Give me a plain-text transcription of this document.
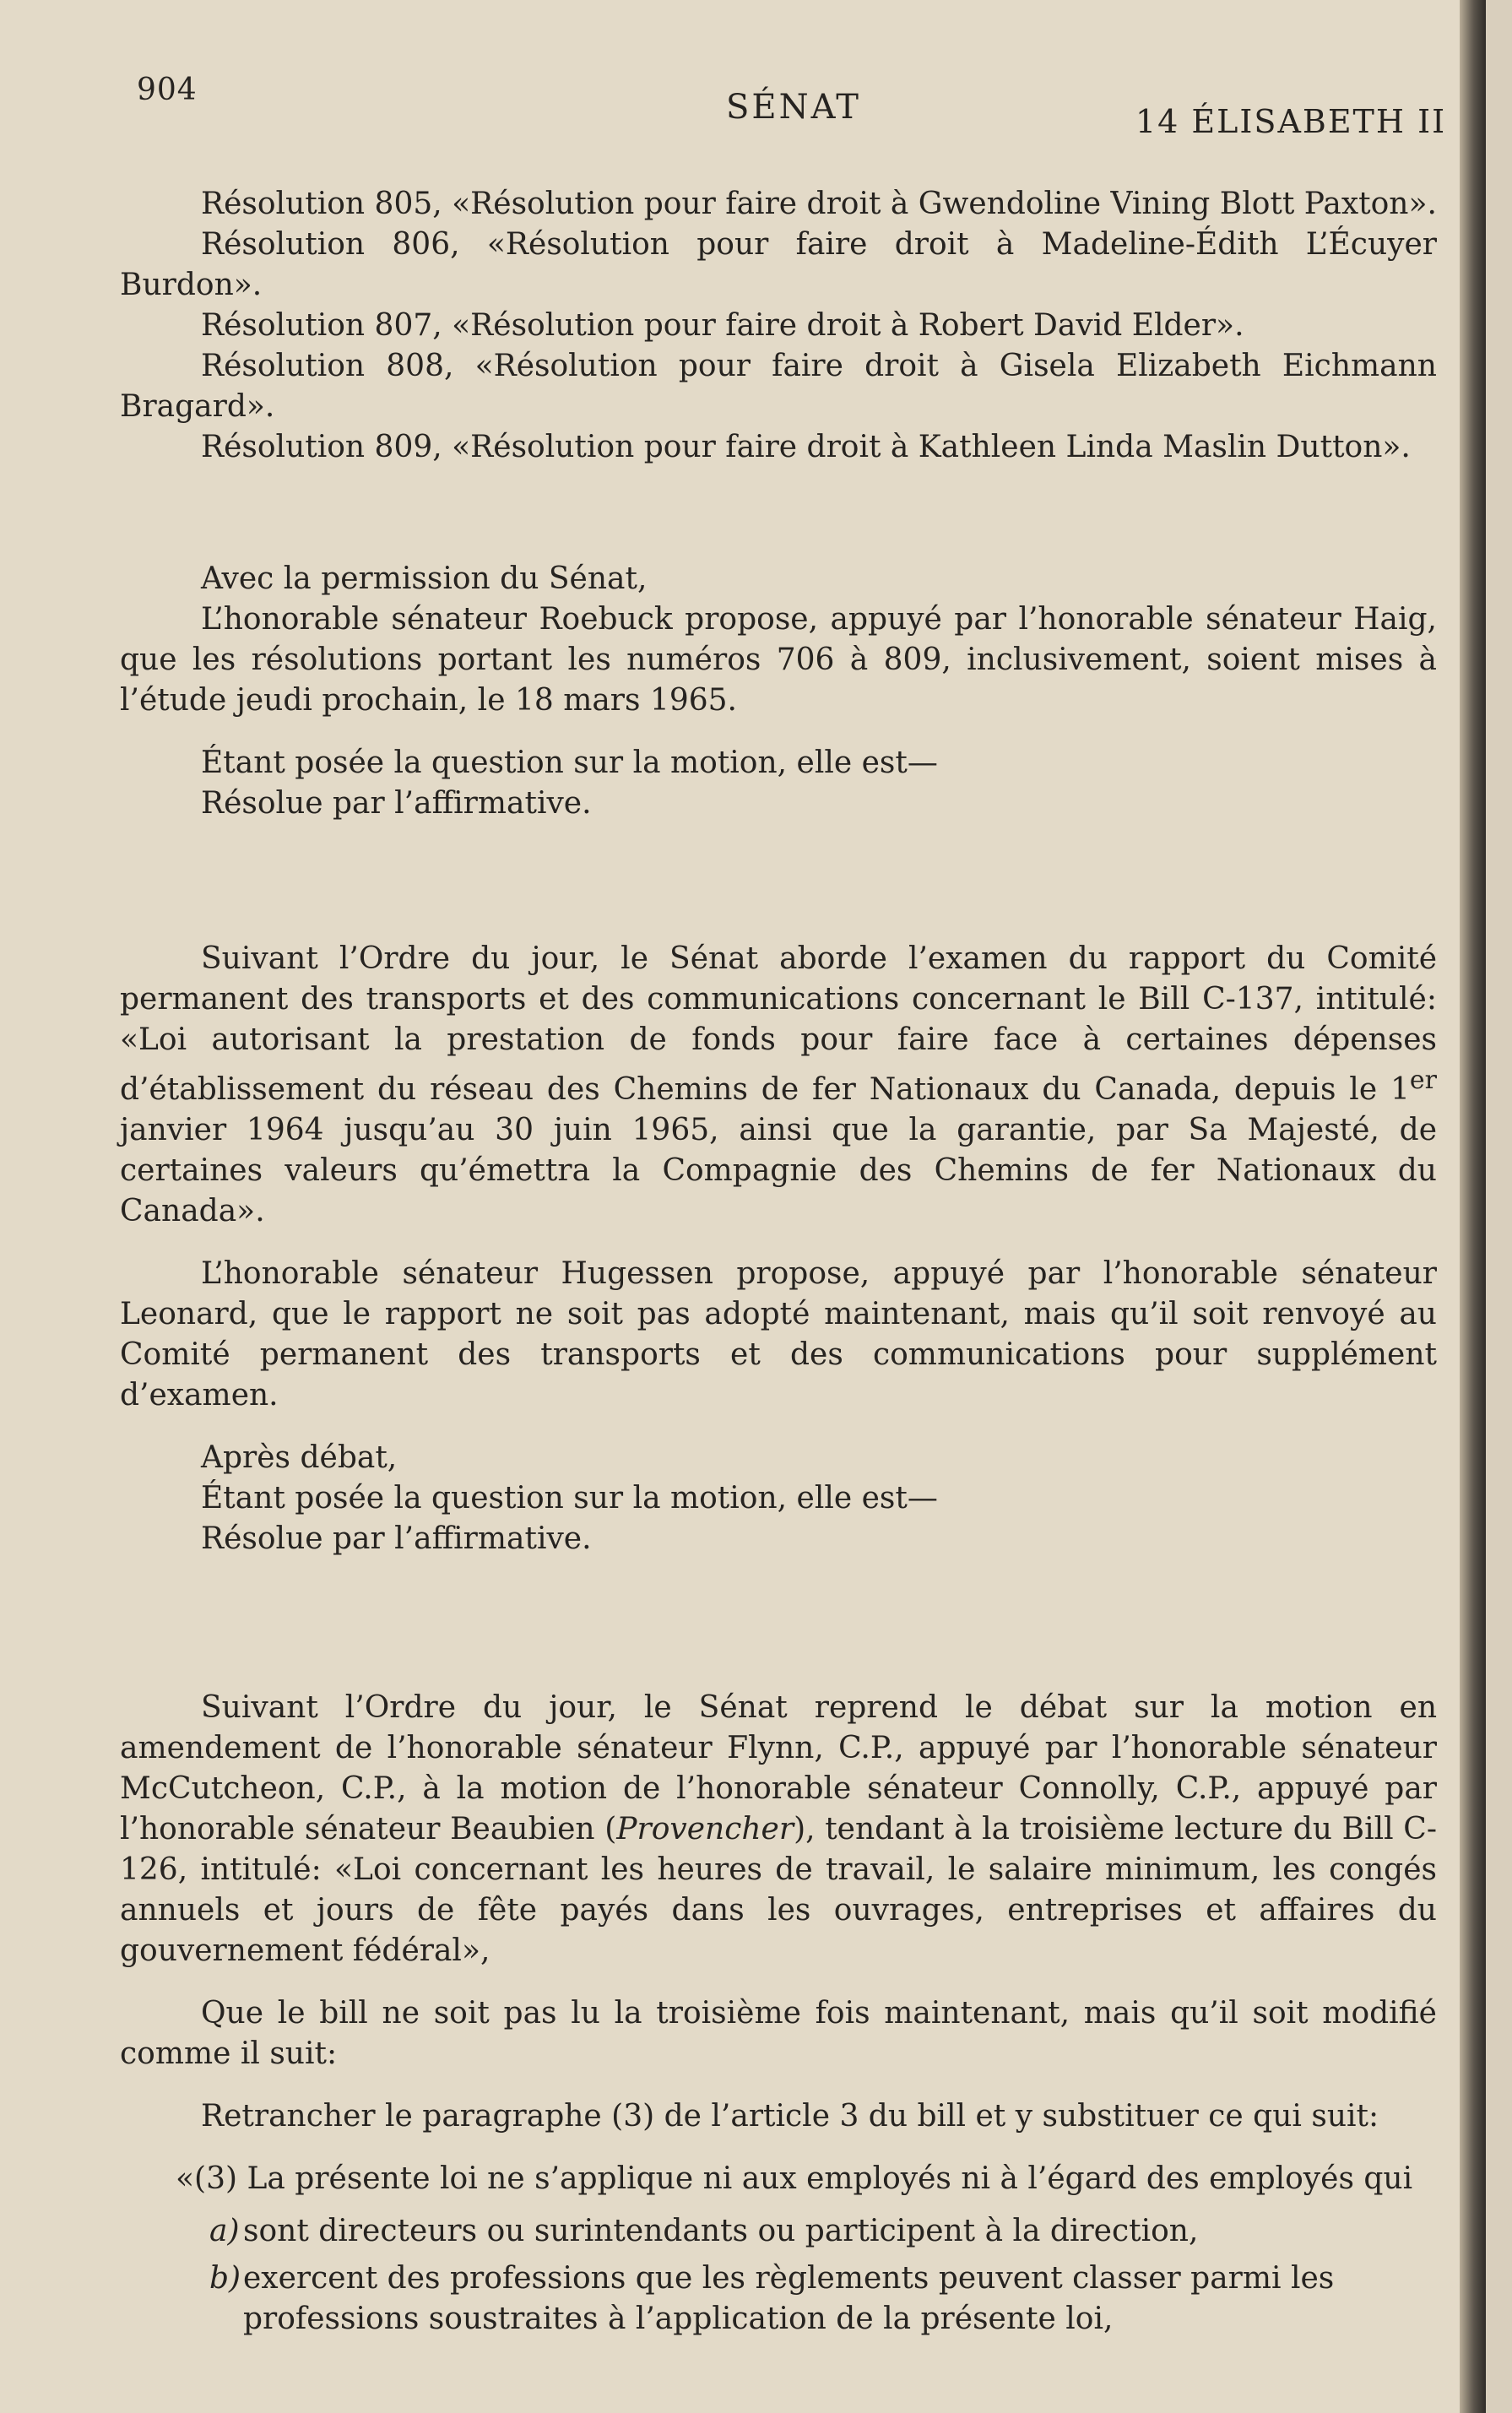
904	SÉNAT	14 ÉLISABETH II

Résolution 805, «Résolution pour faire droit à Gwendoline Vining Blott Paxton».

Résolution 806, «Résolution pour faire droit à Madeline-Édith L’Écuyer Burdon».

Résolution 807, «Résolution pour faire droit à Robert David Elder».

Résolution 808, «Résolution pour faire droit à Gisela Elizabeth Eichmann Bragard».

Résolution 809, «Résolution pour faire droit à Kathleen Linda Maslin Dutton».

Avec la permission du Sénat,

L’honorable sénateur Roebuck propose, appuyé par l’honorable sénateur Haig, que les résolutions portant les numéros 706 à 809, inclusivement, soient mises à l’étude jeudi prochain, le 18 mars 1965.

Étant posée la question sur la motion, elle est—

Résolue par l’affirmative.

Suivant l’Ordre du jour, le Sénat aborde l’examen du rapport du Comité permanent des transports et des communications concernant le Bill C-137, intitulé: «Loi autorisant la prestation de fonds pour faire face à certaines dépenses d’établissement du réseau des Chemins de fer Nationaux du Canada, depuis le 1er janvier 1964 jusqu’au 30 juin 1965, ainsi que la garantie, par Sa Majesté, de certaines valeurs qu’émettra la Compagnie des Chemins de fer Nationaux du Canada».

L’honorable sénateur Hugessen propose, appuyé par l’honorable sénateur Leonard, que le rapport ne soit pas adopté maintenant, mais qu’il soit renvoyé au Comité permanent des transports et des communications pour supplément d’examen.

Après débat,

Étant posée la question sur la motion, elle est—

Résolue par l’affirmative.

Suivant l’Ordre du jour, le Sénat reprend le débat sur la motion en amendement de l’honorable sénateur Flynn, C.P., appuyé par l’honorable sénateur McCutcheon, C.P., à la motion de l’honorable sénateur Connolly, C.P., appuyé par l’honorable sénateur Beaubien (Provencher), tendant à la troisième lecture du Bill C-126, intitulé: «Loi concernant les heures de travail, le salaire minimum, les congés annuels et jours de fête payés dans les ouvrages, entreprises et affaires du gouvernement fédéral»,

Que le bill ne soit pas lu la troisième fois maintenant, mais qu’il soit modifié comme il suit:

Retrancher le paragraphe (3) de l’article 3 du bill et y substituer ce qui suit:

«(3) La présente loi ne s’applique ni aux employés ni à l’égard des employés qui

a) sont directeurs ou surintendants ou participent à la direction,

b)exercent des professions que les règlements peuvent classer parmi les professions soustraites à l’application de la présente loi,
